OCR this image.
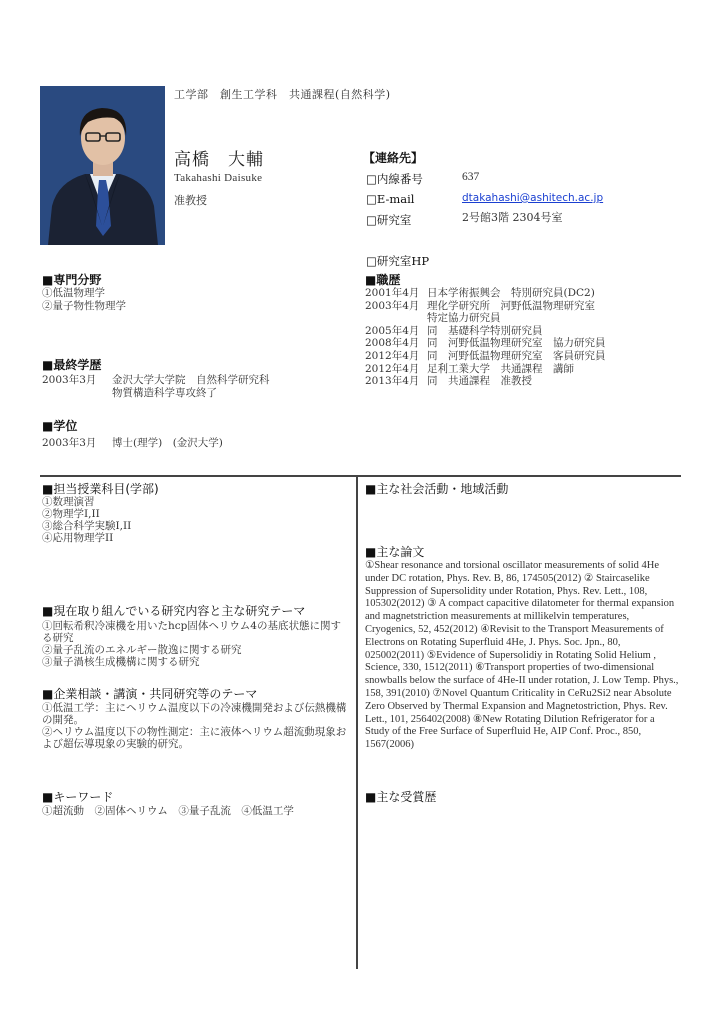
工学部　創生工学科　共通課程(自然科学)
高橋　大輔
Takahashi Daisuke
准教授
【連絡先】
□内線番号	637
□E-mail	dtakahashi@ashitech.ac.jp
□研究室	2号館3階 2304号室
□研究室HP
■専門分野
①低温物理学
②量子物性物理学
■最終学歴
2003年3月	金沢大学大学院　自然科学研究科
物質構造科学専攻終了
■学位
2003年3月	博士(理学)　(金沢大学)
■職歴
2001年4月 日本学術振興会　特別研究員(DC2)
2003年4月 理化学研究所　河野低温物理研究室
特定協力研究員
2005年4月 同　基礎科学特別研究員
2008年4月 同　河野低温物理研究室　協力研究員
2012年4月 同　河野低温物理研究室　客員研究員
2012年4月 足利工業大学　共通課程　講師
2013年4月 同　共通課程　准教授
■担当授業科目(学部)
①数理演習
②物理学I,II
③総合科学実験I,II
④応用物理学II
■現在取り組んでいる研究内容と主な研究テーマ
①回転希釈冷凍機を用いたhcp固体ヘリウム4の基底状態に関する研究
②量子乱流のエネルギー散逸に関する研究
③量子渦核生成機構に関する研究
■企業相談・講演・共同研究等のテーマ
①低温工学：主にヘリウム温度以下の冷凍機開発および伝熱機構の開発。
②ヘリウム温度以下の物性測定：主に液体ヘリウム超流動現象および超伝導現象の実験的研究。
■キーワード
①超流動　②固体ヘリウム　③量子乱流　④低温工学
■主な社会活動・地域活動
■主な論文
①Shear resonance and torsional oscillator measurements of solid 4He under DC rotation, Phys. Rev. B, 86, 174505(2012) ② Staircaselike Suppression of Supersolidity under Rotation, Phys. Rev. Lett., 108, 105302(2012) ③ A compact capacitive dilatometer for thermal expansion and magnetstriction measurements at millikelvin temperatures, Cryogenics, 52, 452(2012) ④Revisit to the Transport Measurements of Electrons on Rotating Superfluid 4He, J. Phys. Soc. Jpn., 80, 025002(2011) ⑤Evidence of Supersolidiy in Rotating Solid Helium , Science, 330, 1512(2011) ⑥Transport properties of two-dimensional snowballs below the surface of 4He-II under rotation, J. Low Temp. Phys., 158, 391(2010) ⑦Novel Quantum Criticality in CeRu2Si2 near Absolute Zero Observed by Thermal Expansion and Magnetostriction, Phys. Rev. Lett., 101, 256402(2008) ⑧New Rotating Dilution Refrigerator for a Study of the Free Surface of Superfluid He, AIP Conf. Proc., 850, 1567(2006)
■主な受賞歴
